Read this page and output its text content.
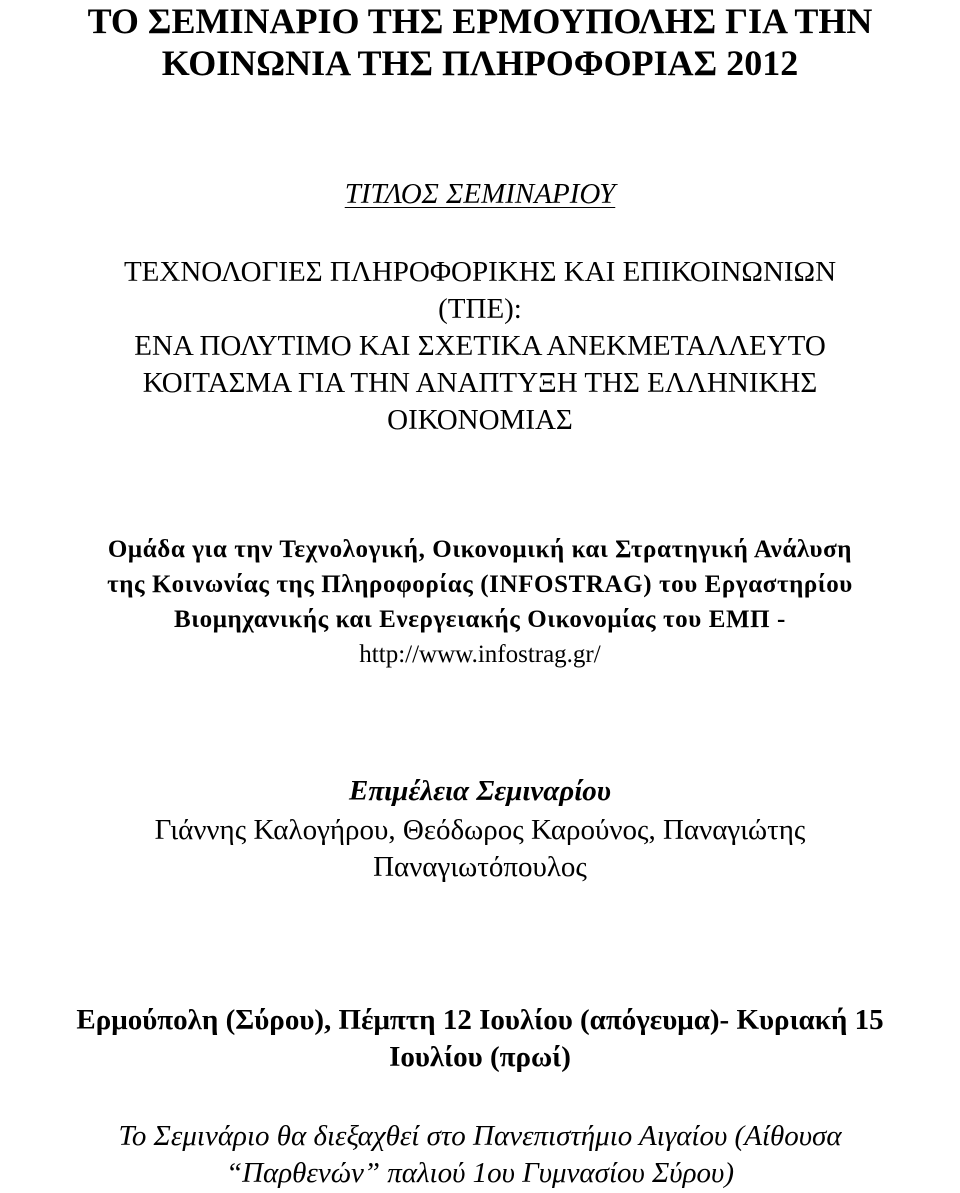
ΤΟ ΣΕΜΙΝΑΡΙΟ ΤΗΣ ΕΡΜΟΥΠΟΛΗΣ ΓΙΑ ΤΗΝ
ΚΟΙΝΩΝΙΑ ΤΗΣ ΠΛΗΡΟΦΟΡΙΑΣ 2012
ΤΙΤΛΟΣ ΣΕΜΙΝΑΡΙΟΥ
ΤΕΧΝΟΛΟΓΙΕΣ ΠΛΗΡΟΦΟΡΙΚΗΣ ΚΑΙ ΕΠΙΚΟΙΝΩΝΙΩΝ
(ΤΠΕ):
ΕΝΑ ΠΟΛΥΤΙΜΟ ΚΑΙ ΣΧΕΤΙΚΑ ΑΝΕΚΜΕΤΑΛΛΕΥΤΟ
ΚΟΙΤΑΣΜΑ ΓΙΑ ΤΗΝ ΑΝΑΠΤΥΞΗ ΤΗΣ ΕΛΛΗΝΙΚΗΣ
ΟΙΚΟΝΟΜΙΑΣ
Ομάδα για την Τεχνολογική, Οικονομική και Στρατηγική Ανάλυση
της Κοινωνίας της Πληροφορίας (INFOSTRAG) του Εργαστηρίου
Βιομηχανικής και Ενεργειακής Οικονομίας του ΕΜΠ -
http://www.infostrag.gr/
Επιμέλεια Σεμιναρίου
Γιάννης Καλογήρου, Θεόδωρος Καρούνος, Παναγιώτης
Παναγιωτόπουλος
Ερμούπολη (Σύρου), Πέμπτη 12 Ιουλίου (απόγευμα)- Κυριακή 15
Ιουλίου (πρωί)
Το Σεμινάριο θα διεξαχθεί στο Πανεπιστήμιο Αιγαίου (Αίθουσα
“Παρθενών” παλιού 1ου Γυμνασίου Σύρου)
